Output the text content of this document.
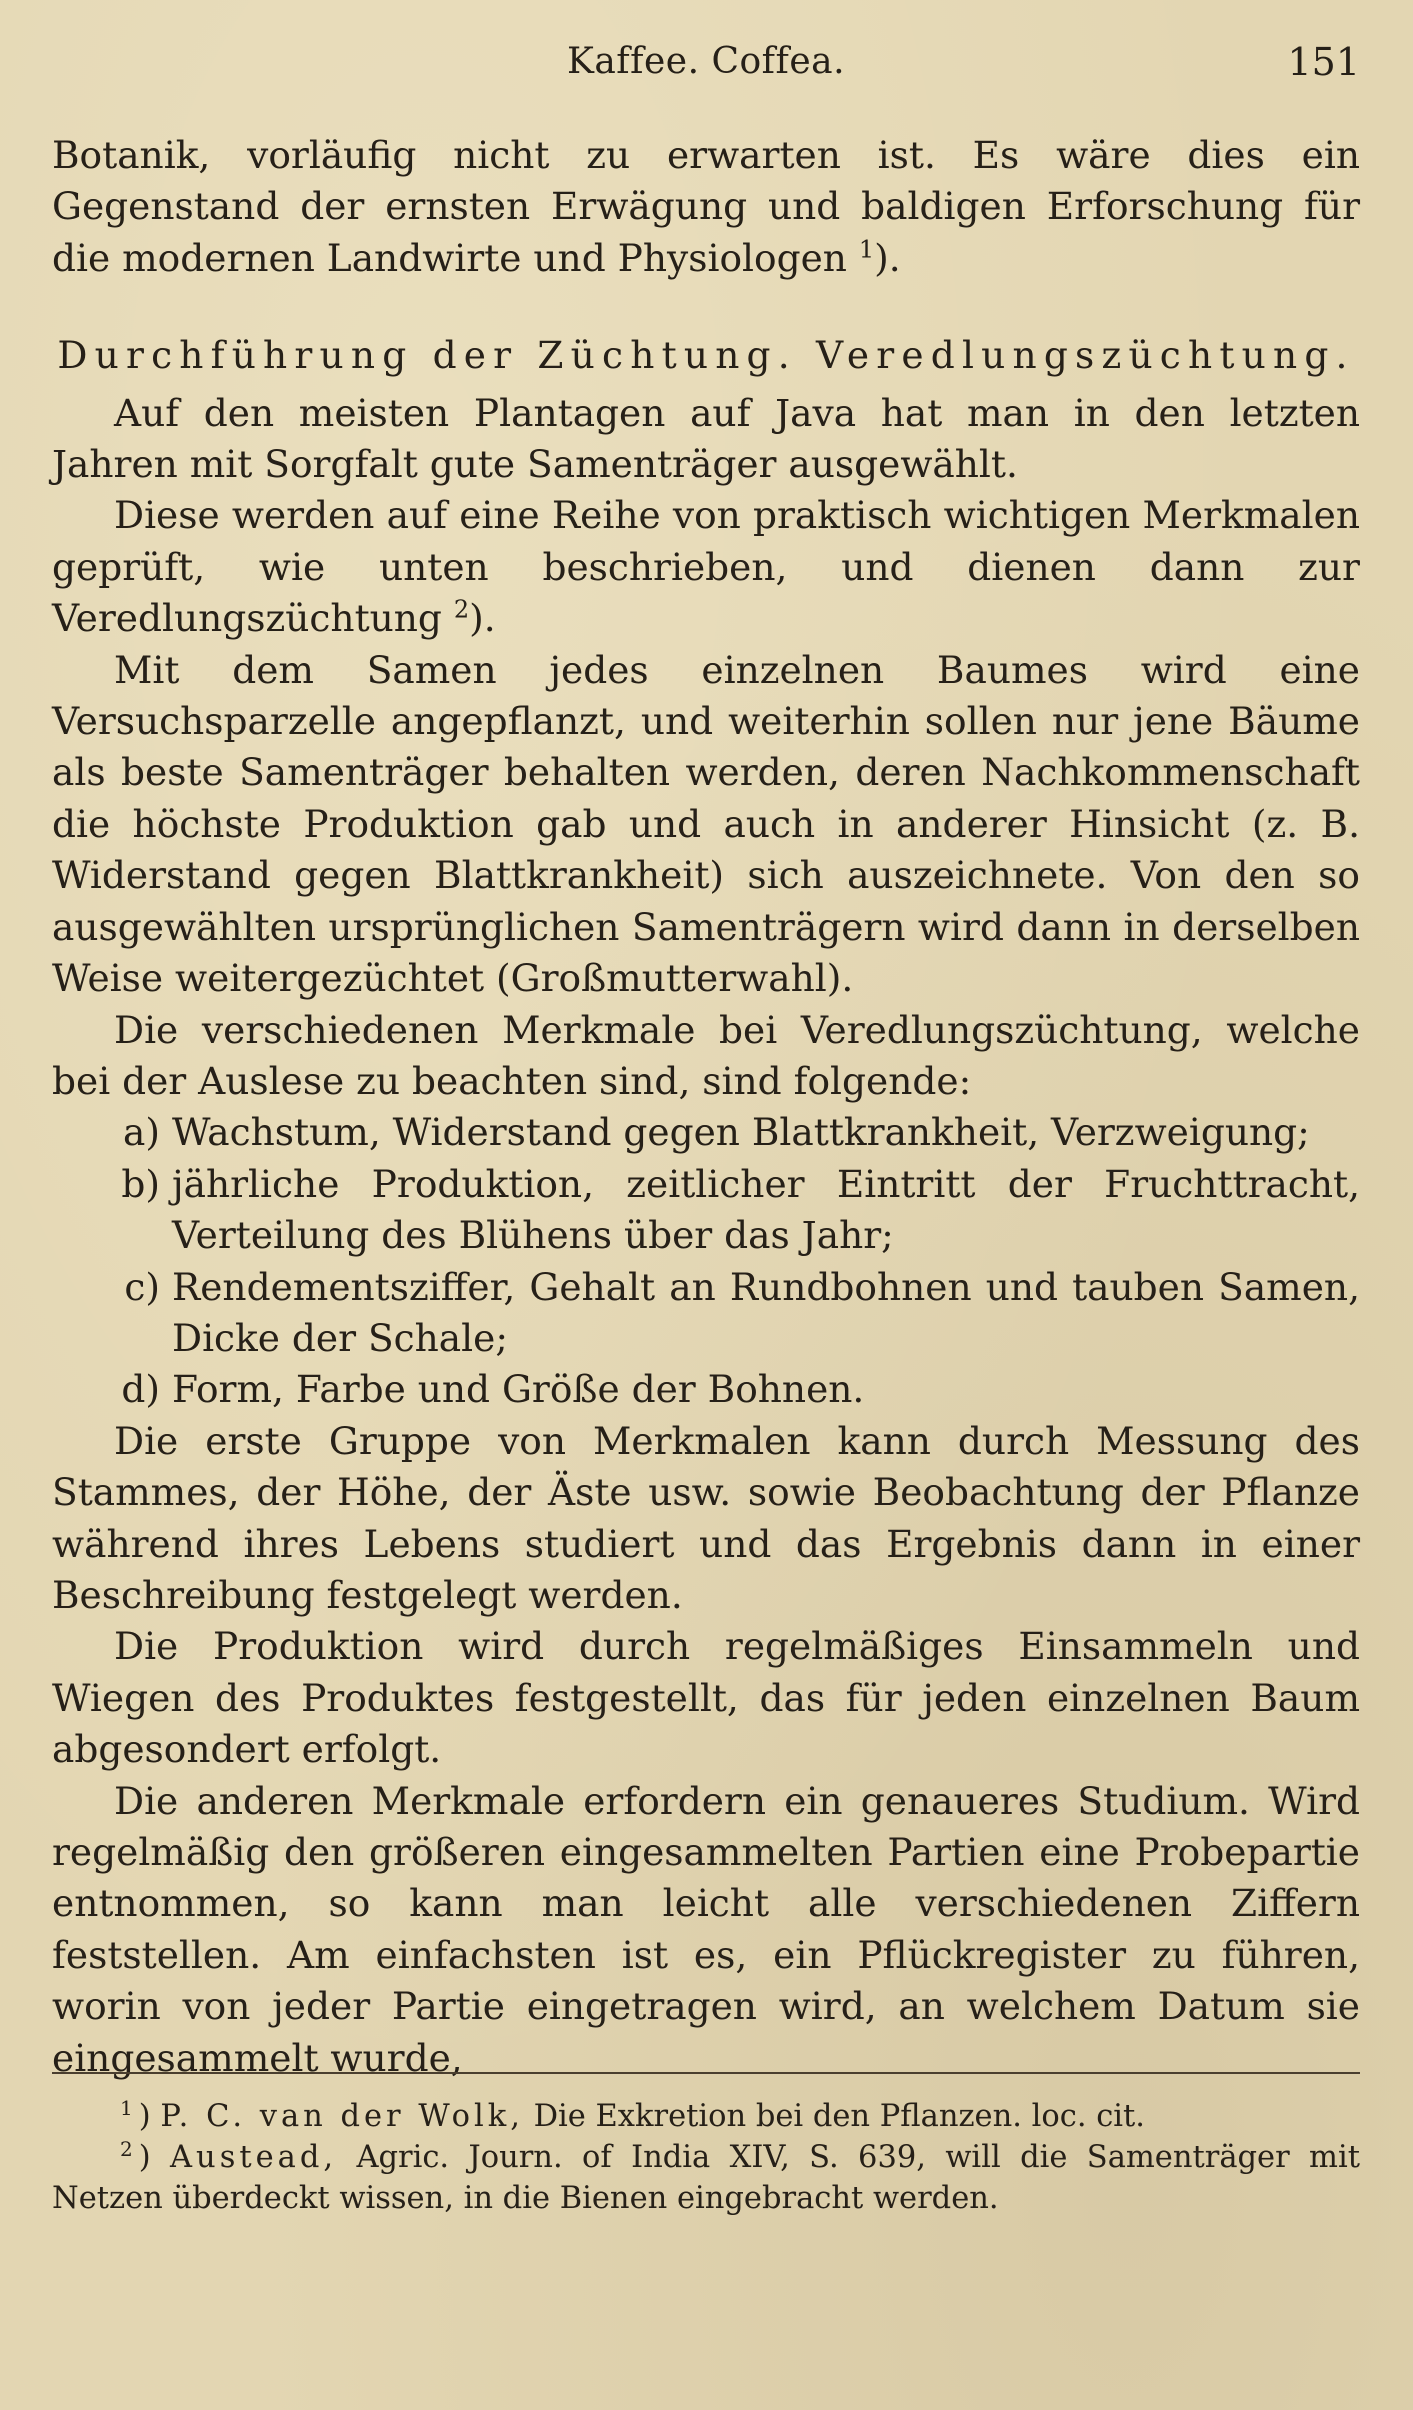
Kaffee. Coffea.	151

Botanik, vorläufig nicht zu erwarten ist. Es wäre dies ein Gegenstand der ernsten Erwägung und baldigen Erforschung für die modernen Landwirte und Physiologen $^1$).

Durchführung der Züchtung. Veredlungszüchtung.

Auf den meisten Plantagen auf Java hat man in den letzten Jahren mit Sorgfalt gute Samenträger ausgewählt.

Diese werden auf eine Reihe von praktisch wichtigen Merkmalen geprüft, wie unten beschrieben, und dienen dann zur Veredlungszüchtung $^2$).

Mit dem Samen jedes einzelnen Baumes wird eine Versuchsparzelle angepflanzt, und weiterhin sollen nur jene Bäume als beste Samenträger behalten werden, deren Nachkommenschaft die höchste Produktion gab und auch in anderer Hinsicht (z. B. Widerstand gegen Blattkrankheit) sich auszeichnete. Von den so ausgewählten ursprünglichen Samenträgern wird dann in derselben Weise weitergezüchtet (Großmutterwahl).

Die verschiedenen Merkmale bei Veredlungszüchtung, welche bei der Auslese zu beachten sind, sind folgende:

a) Wachstum, Widerstand gegen Blattkrankheit, Verzweigung;
b) jährliche Produktion, zeitlicher Eintritt der Fruchttracht, Verteilung des Blühens über das Jahr;
c) Rendementsziffer, Gehalt an Rundbohnen und tauben Samen, Dicke der Schale;
d) Form, Farbe und Größe der Bohnen.

Die erste Gruppe von Merkmalen kann durch Messung des Stammes, der Höhe, der Äste usw. sowie Beobachtung der Pflanze während ihres Lebens studiert und das Ergebnis dann in einer Beschreibung festgelegt werden.

Die Produktion wird durch regelmäßiges Einsammeln und Wiegen des Produktes festgestellt, das für jeden einzelnen Baum abgesondert erfolgt.

Die anderen Merkmale erfordern ein genaueres Studium. Wird regelmäßig den größeren eingesammelten Partien eine Probepartie entnommen, so kann man leicht alle verschiedenen Ziffern feststellen. Am einfachsten ist es, ein Pflückregister zu führen, worin von jeder Partie eingetragen wird, an welchem Datum sie eingesammelt wurde,

$^1$ ) P. C. van der Wolk, Die Exkretion bei den Pflanzen. loc. cit.

$^2$ ) Austead, Agric. Journ. of India XIV, S. 639, will die Samenträger mit Netzen überdeckt wissen, in die Bienen eingebracht werden.
